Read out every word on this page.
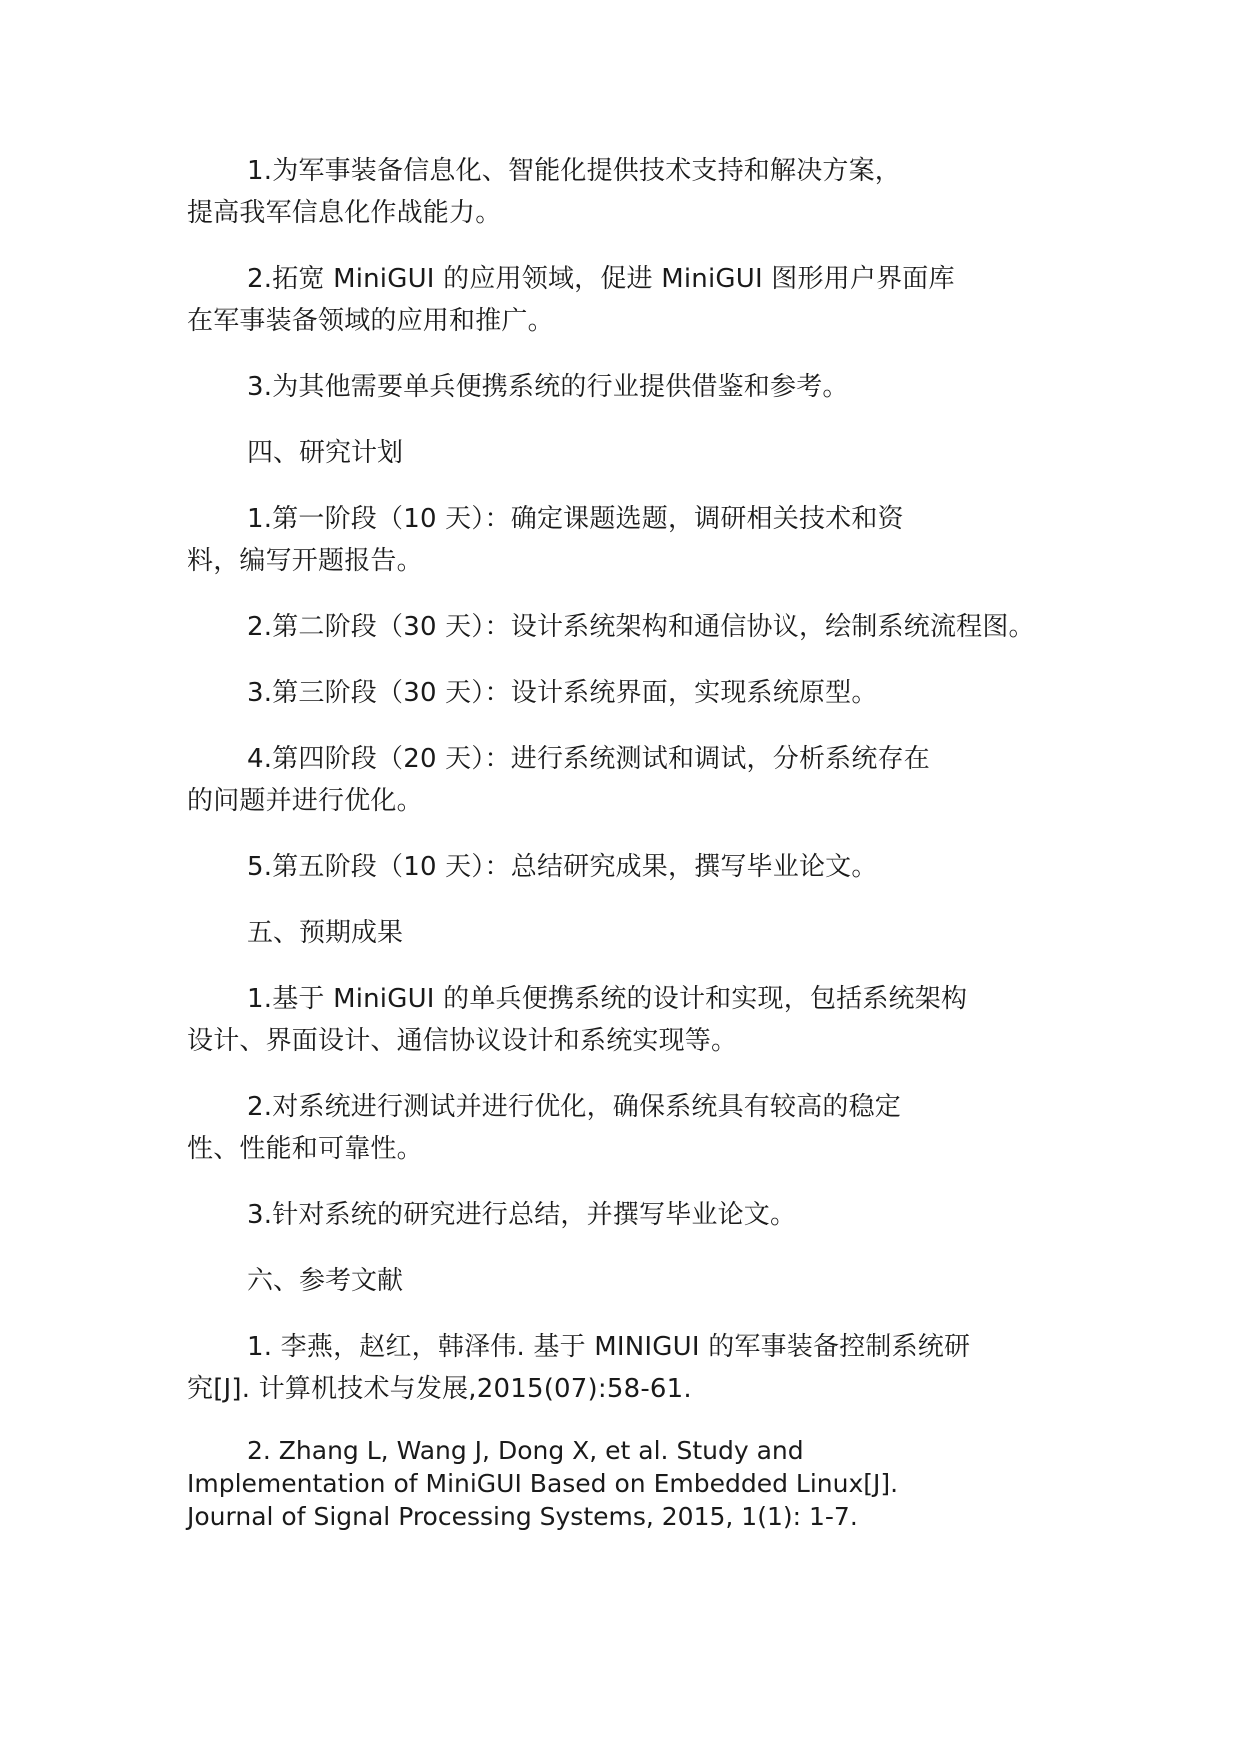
1.为军事装备信息化、智能化提供技术支持和解决方案，提高我军信息化作战能力。

2.拓宽 MiniGUI 的应用领域，促进 MiniGUI 图形用户界面库在军事装备领域的应用和推广。

3.为其他需要单兵便携系统的行业提供借鉴和参考。

四、研究计划

1.第一阶段（10 天）：确定课题选题，调研相关技术和资料，编写开题报告。

2.第二阶段（30 天）：设计系统架构和通信协议，绘制系统流程图。

3.第三阶段（30 天）：设计系统界面，实现系统原型。

4.第四阶段（20 天）：进行系统测试和调试，分析系统存在的问题并进行优化。

5.第五阶段（10 天）：总结研究成果，撰写毕业论文。

五、预期成果

1.基于 MiniGUI 的单兵便携系统的设计和实现，包括系统架构设计、界面设计、通信协议设计和系统实现等。

2.对系统进行测试并进行优化，确保系统具有较高的稳定性、性能和可靠性。

3.针对系统的研究进行总结，并撰写毕业论文。

六、参考文献

1. 李燕，赵红，韩泽伟. 基于 MINIGUI 的军事装备控制系统研究[J]. 计算机技术与发展,2015(07):58-61.

2. Zhang L, Wang J, Dong X, et al. Study and Implementation of MiniGUI Based on Embedded Linux[J]. Journal of Signal Processing Systems, 2015, 1(1): 1-7.
